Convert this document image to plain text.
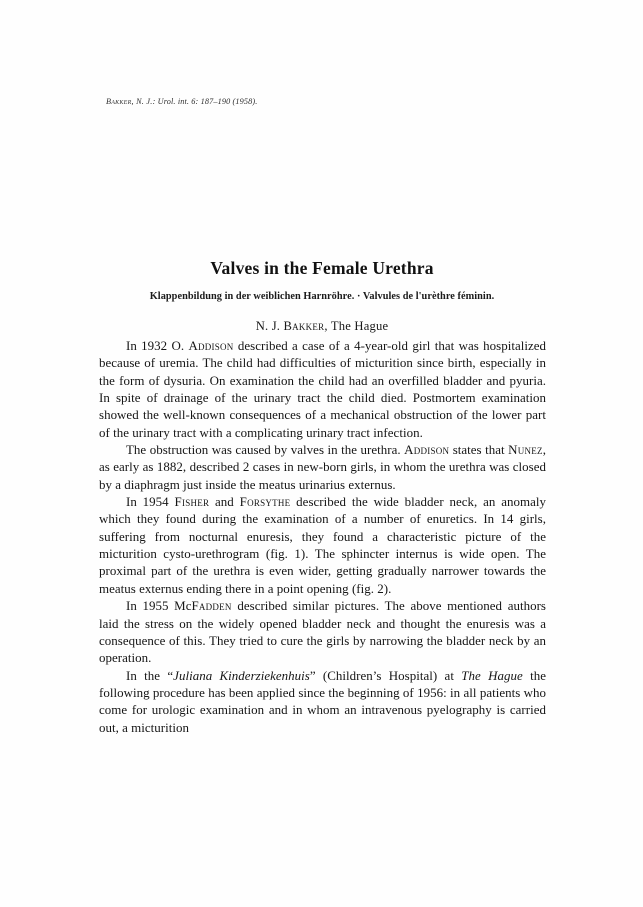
Bakker, N. J.: Urol. int. 6: 187–190 (1958).
Valves in the Female Urethra

Klappenbildung in der weiblichen Harnröhre. · Valvules de l'urèthre féminin.

N. J. Bakker, The Hague

In 1932 O. Addison described a case of a 4-year-old girl that was hospitalized because of uremia. The child had difficulties of micturition since birth, especially in the form of dysuria. On examination the child had an overfilled bladder and pyuria. In spite of drainage of the urinary tract the child died. Postmortem examination showed the well-known consequences of a mechanical obstruction of the lower part of the urinary tract with a complicating urinary tract infection.

The obstruction was caused by valves in the urethra. Addison states that Nunez, as early as 1882, described 2 cases in new-born girls, in whom the urethra was closed by a diaphragm just inside the meatus urinarius externus.

In 1954 Fisher and Forsythe described the wide bladder neck, an anomaly which they found during the examination of a number of enuretics. In 14 girls, suffering from nocturnal enuresis, they found a characteristic picture of the micturition cysto-urethrogram (fig. 1). The sphincter internus is wide open. The proximal part of the urethra is even wider, getting gradually narrower towards the meatus externus ending there in a point opening (fig. 2).

In 1955 McFadden described similar pictures. The above mentioned authors laid the stress on the widely opened bladder neck and thought the enuresis was a consequence of this. They tried to cure the girls by narrowing the bladder neck by an operation.

In the “Juliana Kinderziekenhuis” (Children’s Hospital) at The Hague the following procedure has been applied since the beginning of 1956: in all patients who come for urologic examination and in whom an intravenous pyelography is carried out, a micturition
